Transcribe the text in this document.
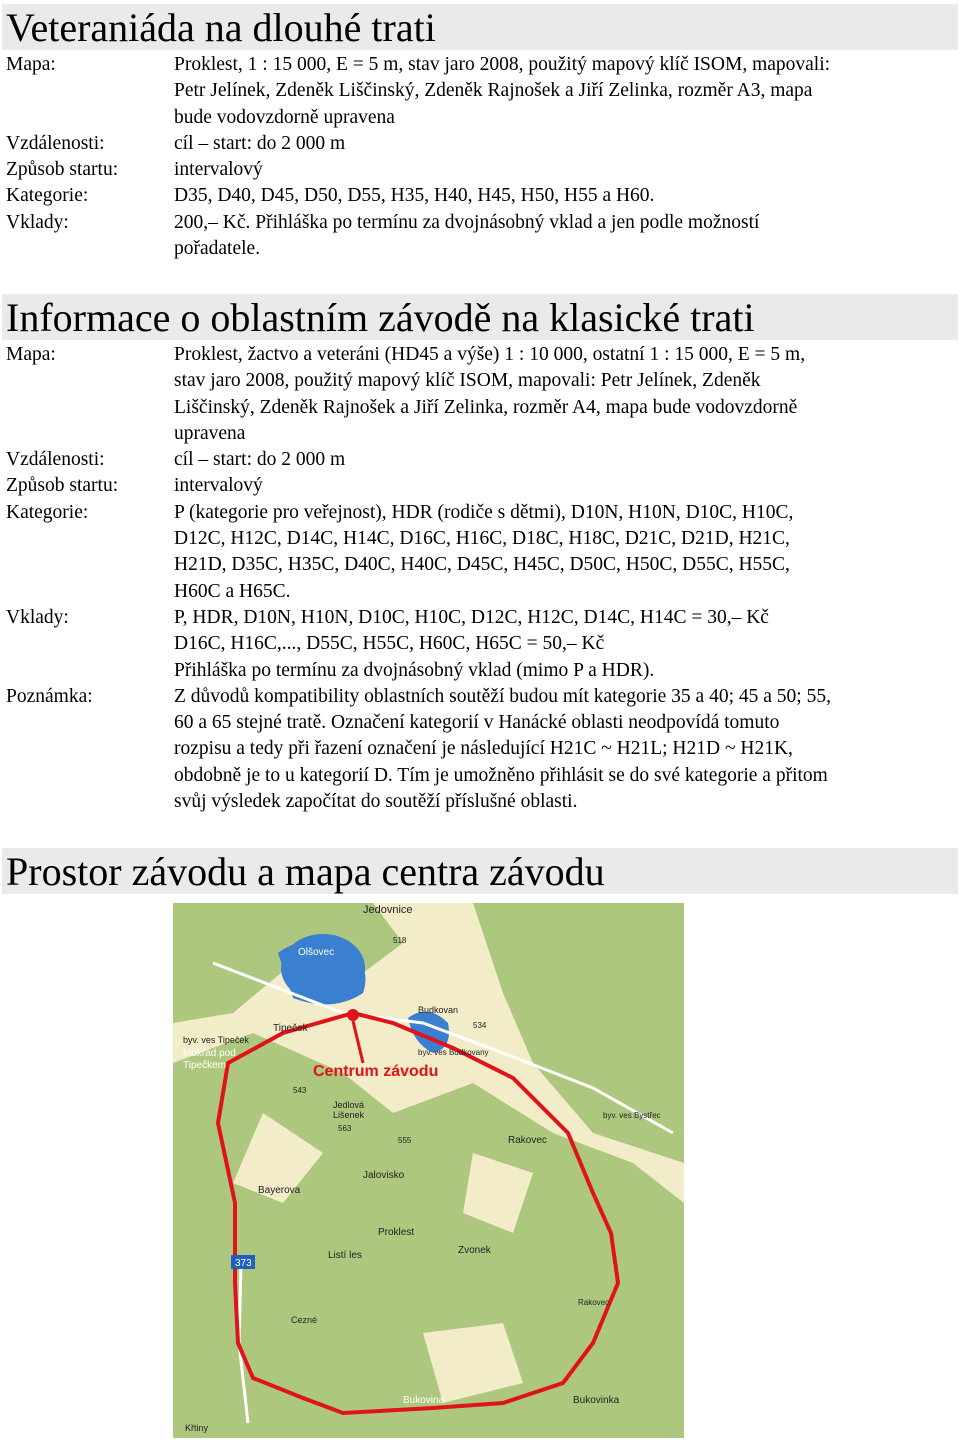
Veteraniáda na dlouhé trati
Mapa:	Proklest, 1 : 15 000, E = 5 m, stav jaro 2008, použitý mapový klíč ISOM, mapovali:
Petr Jelínek, Zdeněk Liščinský, Zdeněk Rajnošek a Jiří Zelinka, rozměr A3, mapa
bude vodovzdorně upravena
Vzdálenosti:	cíl – start: do 2 000 m
Způsob startu:	intervalový
Kategorie:	D35, D40, D45, D50, D55, H35, H40, H45, H50, H55 a H60.
Vklady:	200,– Kč. Přihláška po termínu za dvojnásobný vklad a jen podle možností
pořadatele.
Informace o oblastním závodě na klasické trati
Mapa:	Proklest, žactvo a veteráni (HD45 a výše) 1 : 10 000, ostatní 1 : 15 000, E = 5 m,
stav jaro 2008, použitý mapový klíč ISOM, mapovali: Petr Jelínek, Zdeněk
Liščinský, Zdeněk Rajnošek a Jiří Zelinka, rozměr A4, mapa bude vodovzdorně
upravena
Vzdálenosti:	cíl – start: do 2 000 m
Způsob startu:	intervalový
Kategorie:	P (kategorie pro veřejnost), HDR (rodiče s dětmi), D10N, H10N, D10C, H10C,
D12C, H12C, D14C, H14C, D16C, H16C, D18C, H18C, D21C, D21D, H21C,
H21D, D35C, H35C, D40C, H40C, D45C, H45C, D50C, H50C, D55C, H55C,
H60C a H65C.
Vklady:	P, HDR, D10N, H10N, D10C, H10C, D12C, H12C, D14C, H14C = 30,– Kč
D16C, H16C,..., D55C, H55C, H60C, H65C = 50,– Kč
Přihláška po termínu za dvojnásobný vklad (mimo P a HDR).
Poznámka:	Z důvodů kompatibility oblastních soutěží budou mít kategorie 35 a 40; 45 a 50; 55,
60 a 65 stejné tratě. Označení kategorií v Hanácké oblasti neodpovídá tomuto
rozpisu a tedy při řazení označení je následující H21C ~ H21L; H21D ~ H21K,
obdobně je to u kategorií D. Tím je umožněno přihlásit se do své kategorie a přitom
svůj výsledek započítat do soutěží příslušné oblasti.
Prostor závodu a mapa centra závodu
Centrum závodu
Jedovnice
Olšovec
Budkovan
Tipeček
byv. ves Tipeček
Mokřad pod
Tipečkem
byv. ves Budkovany
Jedlová
Lišenek
Rakovec
byv. ves Bystřec
Bayerova
Jalovisko
Proklest
Listí les	Zvonek
Rakovec
Cezné
Bukovina	Bukovinka
Křtiny
373
518
543
563
555
534
